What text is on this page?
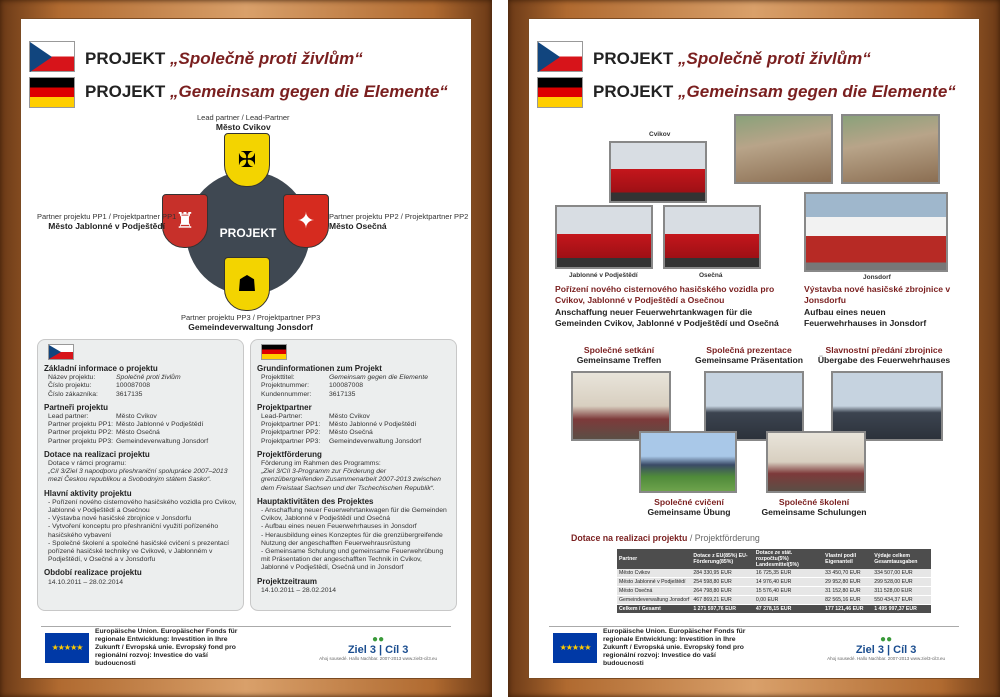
PROJEKT „Společně proti živlům“
PROJEKT „Gemeinsam gegen die Elemente“
Lead partner / Lead-Partner
Město Cvikov
PROJEKT
✠
♜	✦
☗
Partner projektu PP1 / Projektpartner PP1
Město Jablonné v Podještědí
Partner projektu PP2 / Projektpartner PP2
Město Osečná
Partner projektu PP3 / Projektpartner PP3
Gemeindeverwaltung Jonsdorf
Základní informace o projektu
Název projektu:	Společně proti živlům
Číslo projektu:	100087008
Číslo zákazníka:	3617135
Partneři projektu
Lead partner:	Město Cvikov
Partner projektu PP1: Město Jablonné v Podještědí
Partner projektu PP2: Město Osečná
Partner projektu PP3: Gemeindeverwaltung Jonsdorf
Dotace na realizaci projektu
Dotace v rámci programu:
„Cíl 3/Ziel 3 napodporu přeshraniční spolupráce 2007–2013 mezi Českou republikou a Svobodným státem Sasko“.
Hlavní aktivity projektu
- Pořízení nového cisternového hasičského vozidla pro Cvikov, Jablonné v Podještědí a Osečnou
- Výstavba nové hasičské zbrojnice v Jonsdorfu
- Vytvoření konceptu pro přeshraniční využití pořízeného hasičského vybavení
- Společné školení a společné hasičské cvičení s prezentací pořízené hasičské techniky ve Cvikově, v Jablonném v Podještědí, v Osečné a v Jonsdorfu
Období realizace projektu
14.10.2011 – 28.02.2014
Grundinformationen zum Projekt
Projekttitel:	Gemeinsam gegen die Elemente
Projektnummer:	100087008
Kundennummer:	3617135
Projektpartner
Lead-Partner:	Město Cvikov
Projektpartner PP1:	Město Jablonné v Podještědí
Projektpartner PP2:	Město Osečná
Projektpartner PP3:	Gemeindeverwaltung Jonsdorf
Projektförderung
Förderung im Rahmen des Programms:
„Ziel 3/Cíl 3-Programm zur Förderung der grenzübergreifenden Zusammenarbeit 2007-2013 zwischen dem Freistaat Sachsen und der Tschechischen Republik“.
Hauptaktivitäten des Projektes
- Anschaffung neuer Feuerwehrtankwagen für die Gemeinden Cvikov, Jablonné v Podještědí und Osečná
- Aufbau eines neuen Feuerwehrhauses in Jonsdorf
- Herausbildung eines Konzeptes für die grenzübergreifende Nutzung der angeschafften Feuerwehrausrüstung
- Gemeinsame Schulung und gemeinsame Feuerwehrübung mit Präsentation der angeschafften Technik in Cvikov, Jablonné v Podještědí, Osečná und in Jonsdorf
Projektzeitraum
14.10.2011 – 28.02.2014
★★★★★
Europäische Union. Europäischer Fonds für regionale Entwicklung: Investition in Ihre Zukunft / Evropská unie. Evropský fond pro regionální rozvoj: Investice do vaší budoucnosti
●●
Ziel 3 | Cíl 3
Ahoj sousedé. Hallo Nachbar. 2007-2013 www.ziel3-cil3.eu
PROJEKT „Společně proti živlům“
PROJEKT „Gemeinsam gegen die Elemente“
Cvikov
Jablonné v Podještědí	Osečná	Jonsdorf
Pořízení nového cisternového hasičského vozidla pro Cvikov, Jablonné v Podještědí a Osečnou
Anschaffung neuer Feuerwehrtankwagen für die Gemeinden Cvikov, Jablonné v Podještědí und Osečná
Výstavba nové hasičské zbrojnice v Jonsdorfu
Aufbau eines neuen Feuerwehrhauses in Jonsdorf
Společné setkání
Gemeinsame Treffen
Společná prezentace
Gemeinsame Präsentation
Slavnostní předání zbrojnice
Übergabe des Feuerwehrhauses
Společné cvičení
Gemeinsame Übung
Společné školení
Gemeinsame Schulungen
Dotace na realizaci projektu / Projektförderung
Partner	Dotace z EU(85%) EU-Förderung(85%)	Dotace ze stát. rozpočtu(5%) Landesmittel(5%)	Vlastní podíl Eigenanteil	Výdaje celkem Gesamtausgaben
Město Cvikov	284 330,95 EUR	16 725,35 EUR	33 450,70 EUR	334 507,00 EUR
Město Jablonné v Podještědí	254 598,80 EUR	14 976,40 EUR	29 952,80 EUR	299 528,00 EUR
Město Osečná	264 798,80 EUR	15 576,40 EUR	31 152,80 EUR	311 528,00 EUR
Gemeindeverwaltung Jonsdorf	467 869,21 EUR	0,00 EUR	82 565,16 EUR	550 434,37 EUR
Celkem / Gesamt	1 271 597,76 EUR	47 278,15 EUR	177 121,46 EUR	1 495 997,37 EUR
★★★★★
Europäische Union. Europäischer Fonds für regionale Entwicklung: Investition in Ihre Zukunft / Evropská unie. Evropský fond pro regionální rozvoj: Investice do vaší budoucnosti
●●
Ziel 3 | Cíl 3
Ahoj sousedé. Hallo Nachbar. 2007-2013 www.ziel3-cil3.eu
